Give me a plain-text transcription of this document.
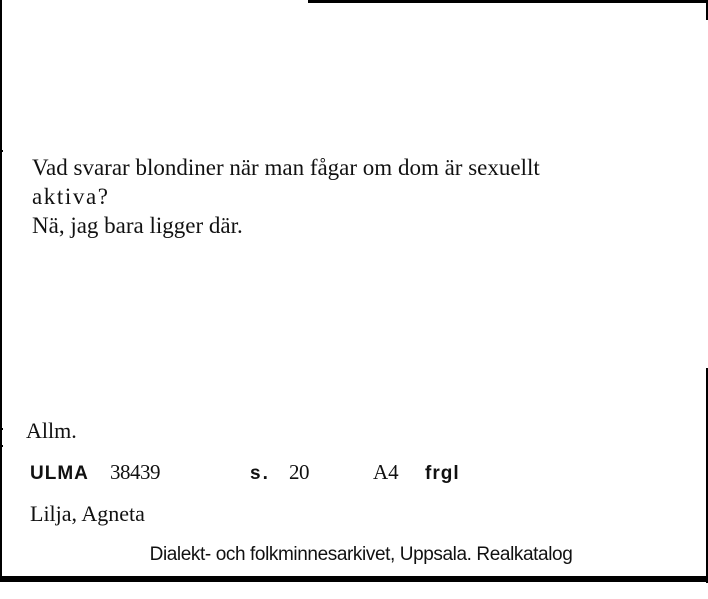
Vad svarar blondiner när man fågar om dom är sexuellt
aktiva?
Nä, jag bara ligger där.
Allm.
ULMA 38439	s. 20	A4 frgl
Lilja, Agneta
Dialekt- och folkminnesarkivet, Uppsala. Realkatalog
